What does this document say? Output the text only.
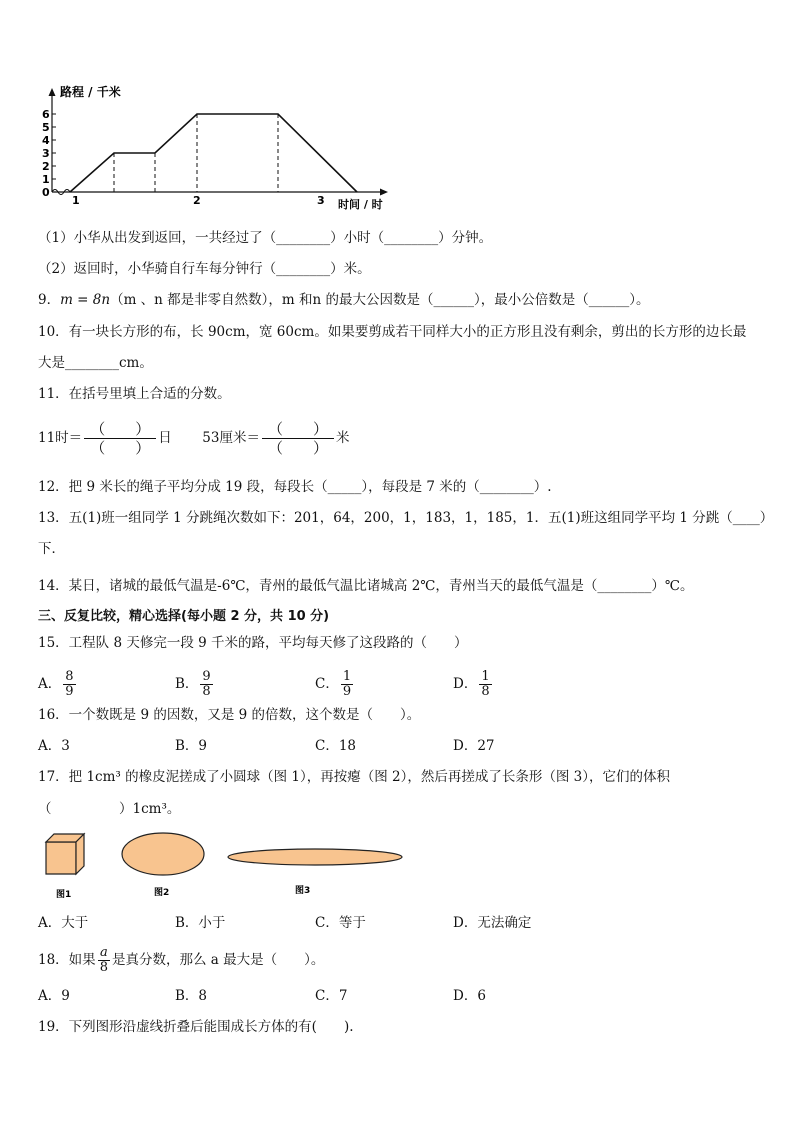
6
5
4
3
2
1
0
路程 / 千米
时间 / 时
1	2	3
（1）小华从出发到返回，一共经过了（________）小时（________）分钟。
（2）返回时，小华骑自行车每分钟行（________）米。
9．m = 8n（m 、n 都是非零自然数），m 和n 的最大公因数是（______），最小公倍数是（______）。
10．有一块长方形的布，长 90cm，宽 60cm。如果要剪成若干同样大小的正方形且没有剩余，剪出的长方形的边长最
大是________cm。
11．在括号里填上合适的分数。
11时＝ $\frac{( )}{( )}$ 日 53厘米＝ $\frac{( )}{( )}$ 米
12．把 9 米长的绳子平均分成 19 段，每段长（_____），每段是 7 米的（________）.
13．五(1)班一组同学 1 分跳绳次数如下：201，64，200，1，183，1，185，1．五(1)班这组同学平均 1 分跳（____）
下．
14．某日，诸城的最低气温是-6℃，青州的最低气温比诸城高 2℃，青州当天的最低气温是（________）℃。
三、反复比较，精心选择(每小题 2 分，共 10 分)
15．工程队 8 天修完一段 9 千米的路，平均每天修了这段路的（　　）
A． $\frac{8}{9}$	B． $\frac{9}{8}$	C． $\frac{1}{9}$	D． $\frac{1}{8}$
16．一个数既是 9 的因数，又是 9 的倍数，这个数是（　　）。
A．3	B．9	C．18	D．27
17．把 1cm³ 的橡皮泥搓成了小圆球（图 1），再按瘪（图 2），然后再搓成了长条形（图 3），它们的体积
（　　　　　）1cm³。
图1	图2	图3
A．大于	B．小于	C．等于	D．无法确定
18．如果 $\frac{a}{8}$ 是真分数，那么 a 最大是（　　）。
A．9	B．8	C．7	D．6
19．下列图形沿虚线折叠后能围成长方体的有(　　).
